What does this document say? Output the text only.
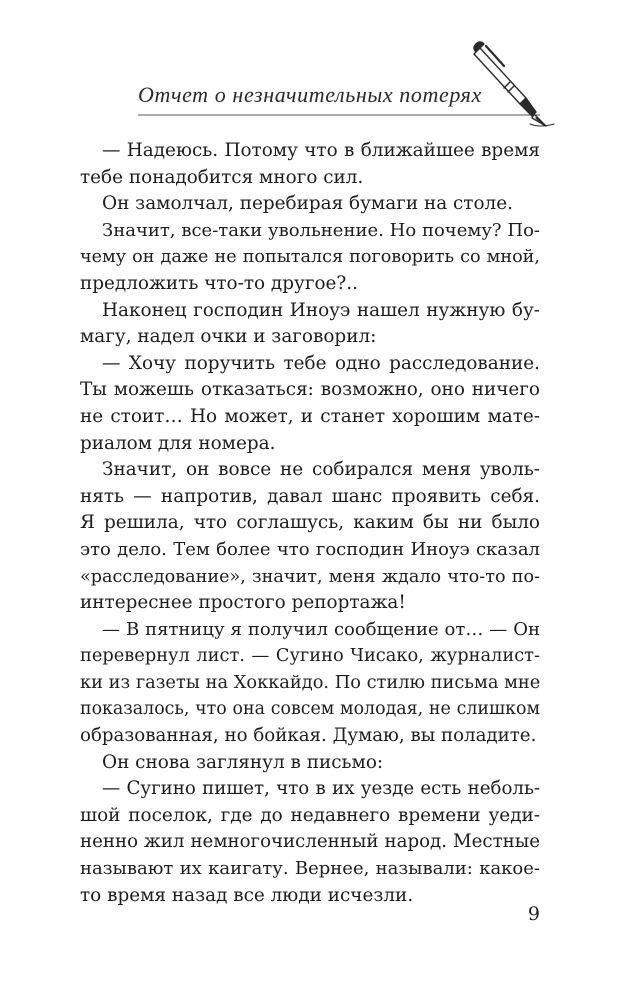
Отчет о незначительных потерях
— Надеюсь. Потому что в ближайшее время
тебе понадобится много сил.
Он замолчал, перебирая бумаги на столе.
Значит, все-таки увольнение. Но почему? По-
чему он даже не попытался поговорить со мной,
предложить что-то другое?..
Наконец господин Иноуэ нашел нужную бу-
магу, надел очки и заговорил:
— Хочу поручить тебе одно расследование.
Ты можешь отказаться: возможно, оно ничего
не стоит… Но может, и станет хорошим мате-
риалом для номера.
Значит, он вовсе не собирался меня уволь-
нять — напротив, давал шанс проявить себя.
Я решила, что соглашусь, каким бы ни было
это дело. Тем более что господин Иноуэ сказал
«расследование», значит, меня ждало что-то по-
интереснее простого репортажа!
— В пятницу я получил сообщение от… — Он
перевернул лист. — Сугино Чисако, журналист-
ки из газеты на Хоккайдо. По стилю письма мне
показалось, что она совсем молодая, не слишком
образованная, но бойкая. Думаю, вы поладите.
Он снова заглянул в письмо:
— Сугино пишет, что в их уезде есть неболь-
шой поселок, где до недавнего времени уеди-
ненно жил немногочисленный народ. Местные
называют их каигату. Вернее, называли: какое-
то время назад все люди исчезли.
9
